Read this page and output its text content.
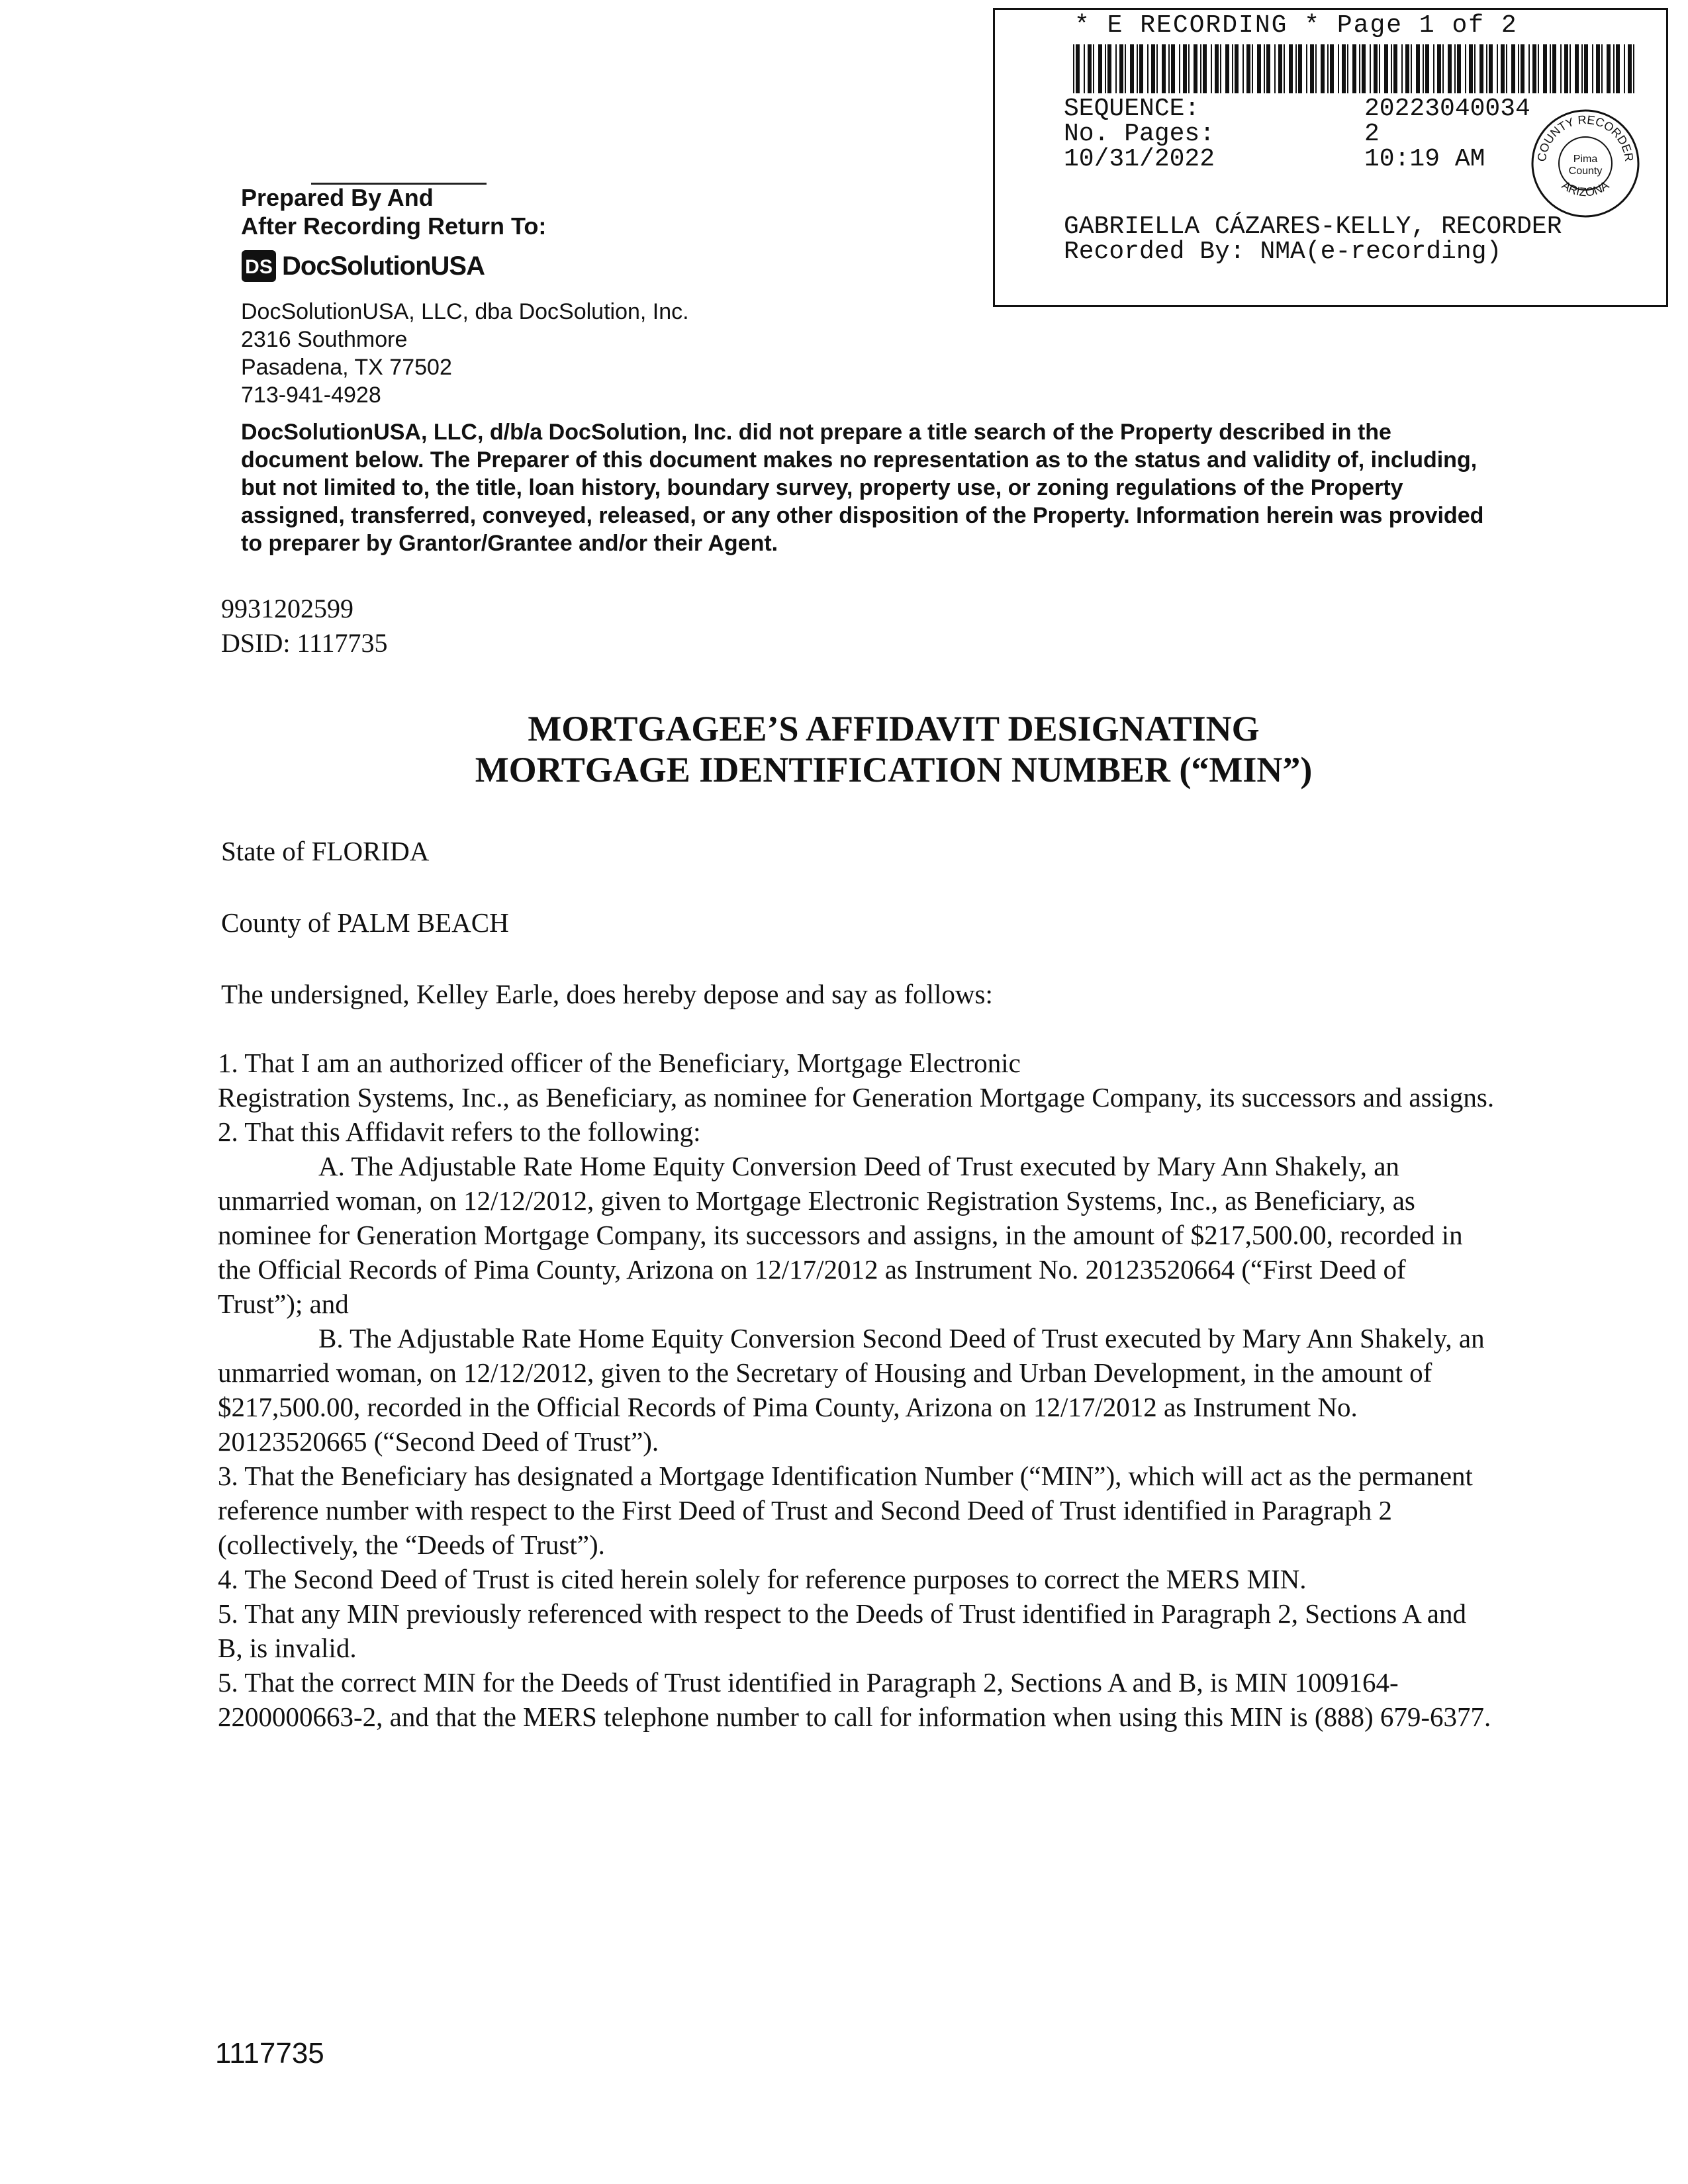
* E RECORDING * Page 1 of 2
SEQUENCE:	20223040034
No. Pages:	2
10/31/2022	10:19 AM	COUNTY RECORDER
ARIZONA
Pima
County
GABRIELLA CÁZARES-KELLY, RECORDER
Recorded By: NMA(e-recording)
Prepared By And
After Recording Return To:
DS DocSolutionUSA
DocSolutionUSA, LLC, dba DocSolution, Inc.
2316 Southmore
Pasadena, TX 77502
713-941-4928
DocSolutionUSA, LLC, d/b/a DocSolution, Inc. did not prepare a title search of the Property described in the document below. The Preparer of this document makes no representation as to the status and validity of, including, but not limited to, the title, loan history, boundary survey, property use, or zoning regulations of the Property assigned, transferred, conveyed, released, or any other disposition of the Property. Information herein was provided to preparer by Grantor/Grantee and/or their Agent.
9931202599
DSID: 1117735
MORTGAGEE’S AFFIDAVIT DESIGNATING
MORTGAGE IDENTIFICATION NUMBER (“MIN”)
State of FLORIDA
County of PALM BEACH
The undersigned, Kelley Earle, does hereby depose and say as follows:

1. That I am an authorized officer of the Beneficiary, Mortgage Electronic

Registration Systems, Inc., as Beneficiary, as nominee for Generation Mortgage Company, its successors and assigns.

2. That this Affidavit refers to the following:

A. The Adjustable Rate Home Equity Conversion Deed of Trust executed by Mary Ann Shakely, an unmarried woman, on 12/12/2012, given to Mortgage Electronic Registration Systems, Inc., as Beneficiary, as nominee for Generation Mortgage Company, its successors and assigns, in the amount of $217,500.00, recorded in the Official Records of Pima County, Arizona on 12/17/2012 as Instrument No. 20123520664 (“First Deed of Trust”); and

B. The Adjustable Rate Home Equity Conversion Second Deed of Trust executed by Mary Ann Shakely, an unmarried woman, on 12/12/2012, given to the Secretary of Housing and Urban Development, in the amount of $217,500.00, recorded in the Official Records of Pima County, Arizona on 12/17/2012 as Instrument No. 20123520665 (“Second Deed of Trust”).

3. That the Beneficiary has designated a Mortgage Identification Number (“MIN”), which will act as the permanent reference number with respect to the First Deed of Trust and Second Deed of Trust identified in Paragraph 2 (collectively, the “Deeds of Trust”).

4. The Second Deed of Trust is cited herein solely for reference purposes to correct the MERS MIN.

5. That any MIN previously referenced with respect to the Deeds of Trust identified in Paragraph 2, Sections A and B, is invalid.

5. That the correct MIN for the Deeds of Trust identified in Paragraph 2, Sections A and B, is MIN 1009164-2200000663-2, and that the MERS telephone number to call for information when using this MIN is (888) 679-6377.

1117735
